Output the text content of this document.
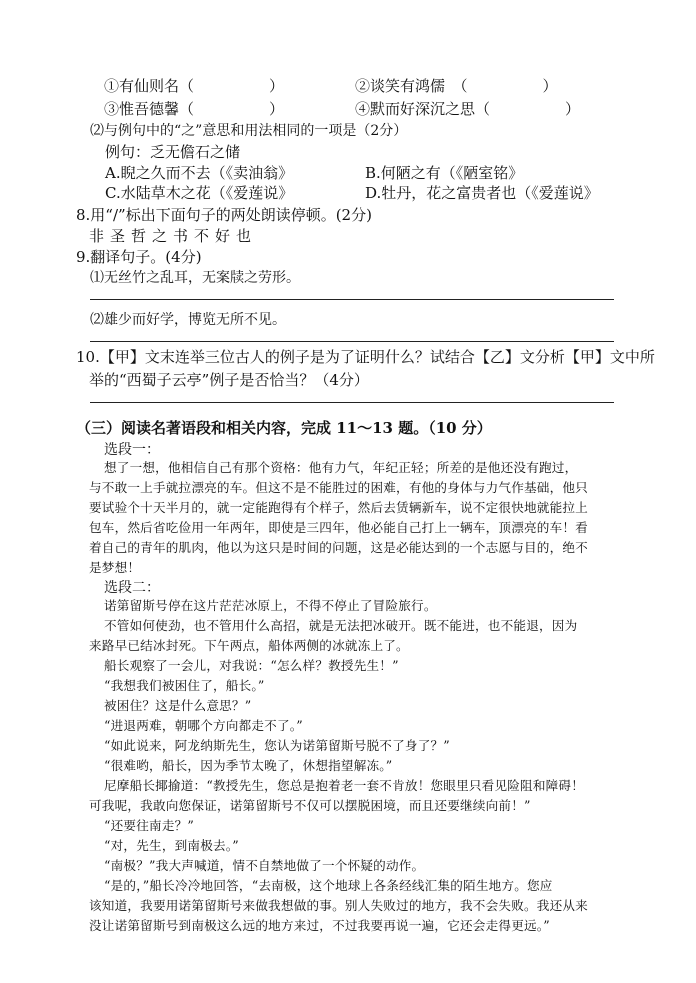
①有仙则名（　　　　　）	②谈笑有鸿儒　（　　　　　）
③惟吾德馨（　　　　　）	④默而好深沉之思（　　　　　）
⑵与例句中的“之”意思和用法相同的一项是（2分）
例句：乏无儋石之储
A.睨之久而不去（《卖油翁》	B.何陋之有（《陋室铭》
C.水陆草木之花（《爱莲说》	D.牡丹，花之富贵者也（《爱莲说》
8.用“/”标出下面句子的两处朗读停顿。(2分)
非圣哲之书不好也
9.翻译句子。(4分)
⑴无丝竹之乱耳，无案牍之劳形。
⑵雄少而好学，博览无所不见。
10.【甲】文末连举三位古人的例子是为了证明什么？试结合【乙】文分析【甲】文中所
举的“西蜀子云亭”例子是否恰当？（4分）
（三）阅读名著语段和相关内容，完成 11～13 题。（10 分）
选段一：
想了一想，他相信自己有那个资格：他有力气，年纪正轻；所差的是他还没有跑过，
与不敢一上手就拉漂亮的车。但这不是不能胜过的困难，有他的身体与力气作基础，他只
要试验个十天半月的，就一定能跑得有个样子，然后去赁辆新车，说不定很快地就能拉上
包车，然后省吃俭用一年两年，即使是三四年，他必能自己打上一辆车，顶漂亮的车！看
着自己的青年的肌肉，他以为这只是时间的问题，这是必能达到的一个志愿与目的，绝不
是梦想！
选段二：
诺第留斯号停在这片茫茫冰原上，不得不停止了冒险旅行。
不管如何使劲，也不管用什么高招，就是无法把冰破开。既不能进，也不能退，因为
来路早已结冰封死。下午两点，船体两侧的冰就冻上了。
船长观察了一会儿，对我说：“怎么样？教授先生！”
“我想我们被困住了，船长。”
被困住？这是什么意思？”
“进退两难，朝哪个方向都走不了。”
“如此说来，阿龙纳斯先生，您认为诺第留斯号脱不了身了？”
“很难哟，船长，因为季节太晚了，休想指望解冻。”
尼摩船长揶揄道：“教授先生，您总是抱着老一套不肯放！您眼里只看见险阻和障碍！
可我呢，我敢向您保证，诺第留斯号不仅可以摆脱困境，而且还要继续向前！”
“还要往南走？”
“对，先生，到南极去。”
“南极？”我大声喊道，情不自禁地做了一个怀疑的动作。
“是的，”船长冷冷地回答，“去南极，这个地球上各条经线汇集的陌生地方。您应
该知道，我要用诺第留斯号来做我想做的事。别人失败过的地方，我不会失败。我还从来
没让诺第留斯号到南极这么远的地方来过，不过我要再说一遍，它还会走得更远。”
